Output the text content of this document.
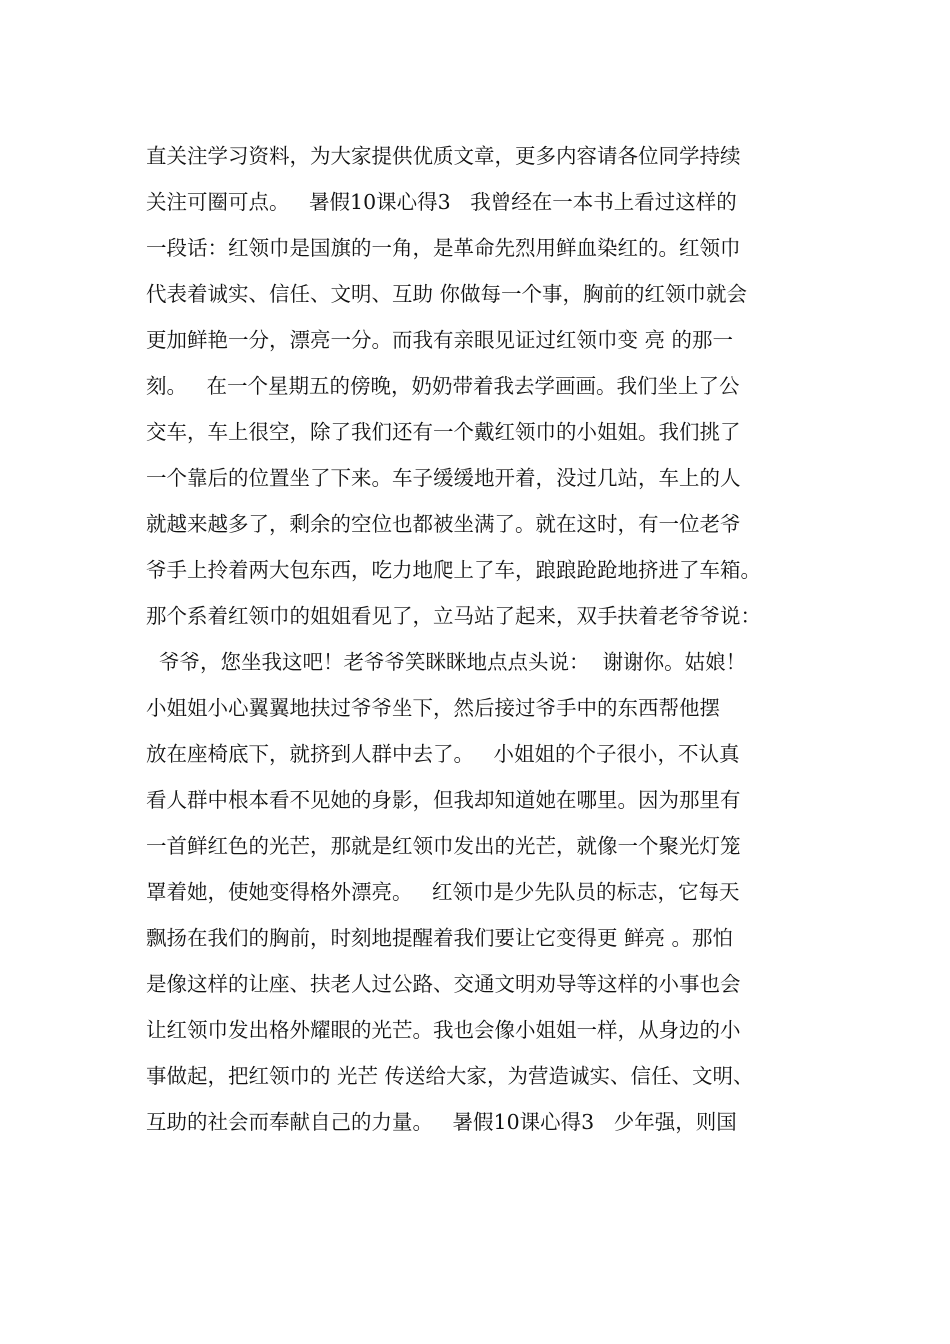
直关注学习资料，为大家提供优质文章，更多内容请各位同学持续
关注可圈可点。   暑假10课心得3   我曾经在一本书上看过这样的
一段话：红领巾是国旗的一角，是革命先烈用鲜血染红的。红领巾
代表着诚实、信任、文明、互助 你做每一个事，胸前的红领巾就会
更加鲜艳一分，漂亮一分。而我有亲眼见证过红领巾变 亮 的那一
刻。   在一个星期五的傍晚，奶奶带着我去学画画。我们坐上了公
交车，车上很空，除了我们还有一个戴红领巾的小姐姐。我们挑了
一个靠后的位置坐了下来。车子缓缓地开着，没过几站，车上的人
就越来越多了，剩余的空位也都被坐满了。就在这时，有一位老爷
爷手上拎着两大包东西，吃力地爬上了车，踉踉跄跄地挤进了车箱。
那个系着红领巾的姐姐看见了，立马站了起来，双手扶着老爷爷说：
爷爷，您坐我这吧！老爷爷笑眯眯地点点头说：  谢谢你。姑娘！
小姐姐小心翼翼地扶过爷爷坐下，然后接过爷手中的东西帮他摆
放在座椅底下，就挤到人群中去了。   小姐姐的个子很小，不认真
看人群中根本看不见她的身影，但我却知道她在哪里。因为那里有
一首鲜红色的光芒，那就是红领巾发出的光芒，就像一个聚光灯笼
罩着她，使她变得格外漂亮。   红领巾是少先队员的标志，它每天
飘扬在我们的胸前，时刻地提醒着我们要让它变得更 鲜亮 。那怕
是像这样的让座、扶老人过公路、交通文明劝导等这样的小事也会
让红领巾发出格外耀眼的光芒。我也会像小姐姐一样，从身边的小
事做起，把红领巾的 光芒 传送给大家，为营造诚实、信任、文明、
互助的社会而奉献自己的力量。   暑假10课心得3   少年强，则国
